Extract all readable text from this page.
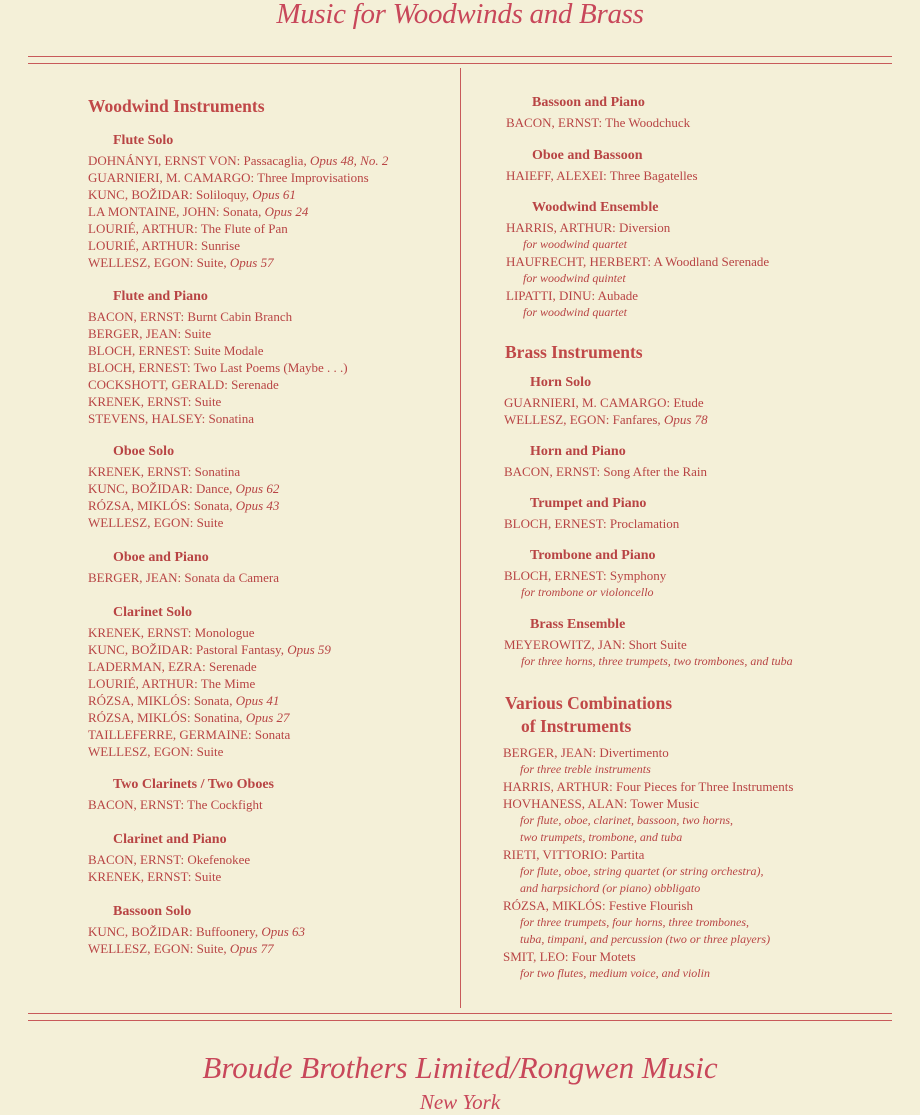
Music for Woodwinds and Brass
Woodwind Instruments
Flute Solo
DOHNÁNYI, ERNST VON: Passacaglia, Opus 48, No. 2
GUARNIERI, M. CAMARGO: Three Improvisations
KUNC, BOŽIDAR: Soliloquy, Opus 61
LA MONTAINE, JOHN: Sonata, Opus 24
LOURIÉ, ARTHUR: The Flute of Pan
LOURIÉ, ARTHUR: Sunrise
WELLESZ, EGON: Suite, Opus 57
Flute and Piano
BACON, ERNST: Burnt Cabin Branch
BERGER, JEAN: Suite
BLOCH, ERNEST: Suite Modale
BLOCH, ERNEST: Two Last Poems (Maybe . . .)
COCKSHOTT, GERALD: Serenade
KRENEK, ERNST: Suite
STEVENS, HALSEY: Sonatina
Oboe Solo
KRENEK, ERNST: Sonatina
KUNC, BOŽIDAR: Dance, Opus 62
RÓZSA, MIKLÓS: Sonata, Opus 43
WELLESZ, EGON: Suite
Oboe and Piano
BERGER, JEAN: Sonata da Camera
Clarinet Solo
KRENEK, ERNST: Monologue
KUNC, BOŽIDAR: Pastoral Fantasy, Opus 59
LADERMAN, EZRA: Serenade
LOURIÉ, ARTHUR: The Mime
RÓZSA, MIKLÓS: Sonata, Opus 41
RÓZSA, MIKLÓS: Sonatina, Opus 27
TAILLEFERRE, GERMAINE: Sonata
WELLESZ, EGON: Suite
Two Clarinets / Two Oboes
BACON, ERNST: The Cockfight
Clarinet and Piano
BACON, ERNST: Okefenokee
KRENEK, ERNST: Suite
Bassoon Solo
KUNC, BOŽIDAR: Buffoonery, Opus 63
WELLESZ, EGON: Suite, Opus 77
Bassoon and Piano
BACON, ERNST: The Woodchuck
Oboe and Bassoon
HAIEFF, ALEXEI: Three Bagatelles
Woodwind Ensemble
HARRIS, ARTHUR: Diversion
for woodwind quartet
HAUFRECHT, HERBERT: A Woodland Serenade
for woodwind quintet
LIPATTI, DINU: Aubade
for woodwind quartet
Brass Instruments
Horn Solo
GUARNIERI, M. CAMARGO: Etude
WELLESZ, EGON: Fanfares, Opus 78
Horn and Piano
BACON, ERNST: Song After the Rain
Trumpet and Piano
BLOCH, ERNEST: Proclamation
Trombone and Piano
BLOCH, ERNEST: Symphony
for trombone or violoncello
Brass Ensemble
MEYEROWITZ, JAN: Short Suite
for three horns, three trumpets, two trombones, and tuba
Various Combinations
of Instruments
BERGER, JEAN: Divertimento
for three treble instruments
HARRIS, ARTHUR: Four Pieces for Three Instruments
HOVHANESS, ALAN: Tower Music
for flute, oboe, clarinet, bassoon, two horns,
two trumpets, trombone, and tuba
RIETI, VITTORIO: Partita
for flute, oboe, string quartet (or string orchestra),
and harpsichord (or piano) obbligato
RÓZSA, MIKLÓS: Festive Flourish
for three trumpets, four horns, three trombones,
tuba, timpani, and percussion (two or three players)
SMIT, LEO: Four Motets
for two flutes, medium voice, and violin
Broude Brothers Limited/Rongwen Music
New York
